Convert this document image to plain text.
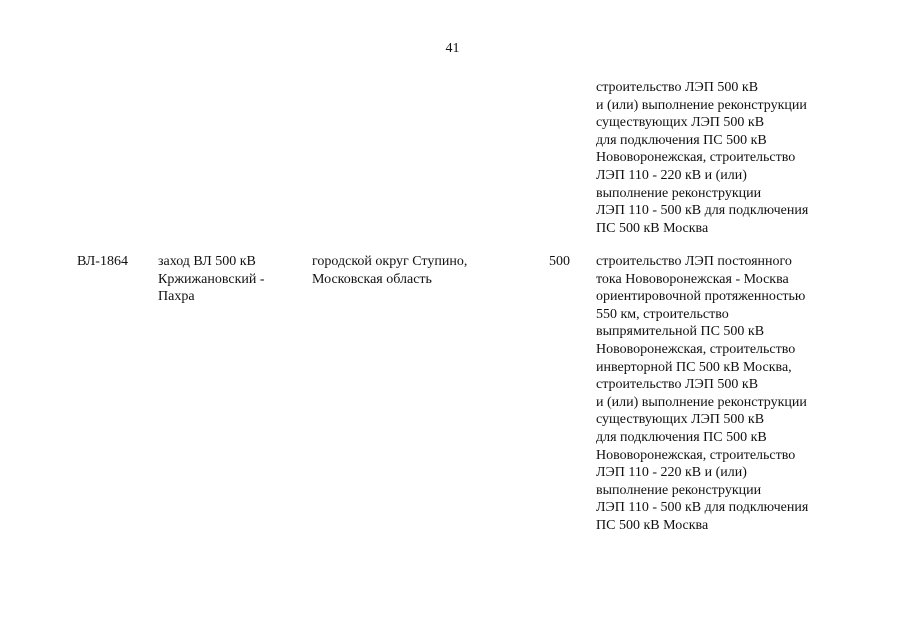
41
строительство ЛЭП 500 кВ
и (или) выполнение реконструкции
существующих ЛЭП 500 кВ
для подключения ПС 500 кВ
Нововоронежская, строительство
ЛЭП 110 - 220 кВ и (или)
выполнение реконструкции
ЛЭП 110 - 500 кВ для подключения
ПС 500 кВ Москва
ВЛ-1864 заход ВЛ 500 кВ
Кржижановский -
Пахра
городской округ Ступино,
Московская область
500 строительство ЛЭП постоянного
тока Нововоронежская - Москва
ориентировочной протяженностью
550 км, строительство
выпрямительной ПС 500 кВ
Нововоронежская, строительство
инверторной ПС 500 кВ Москва,
строительство ЛЭП 500 кВ
и (или) выполнение реконструкции
существующих ЛЭП 500 кВ
для подключения ПС 500 кВ
Нововоронежская, строительство
ЛЭП 110 - 220 кВ и (или)
выполнение реконструкции
ЛЭП 110 - 500 кВ для подключения
ПС 500 кВ Москва
